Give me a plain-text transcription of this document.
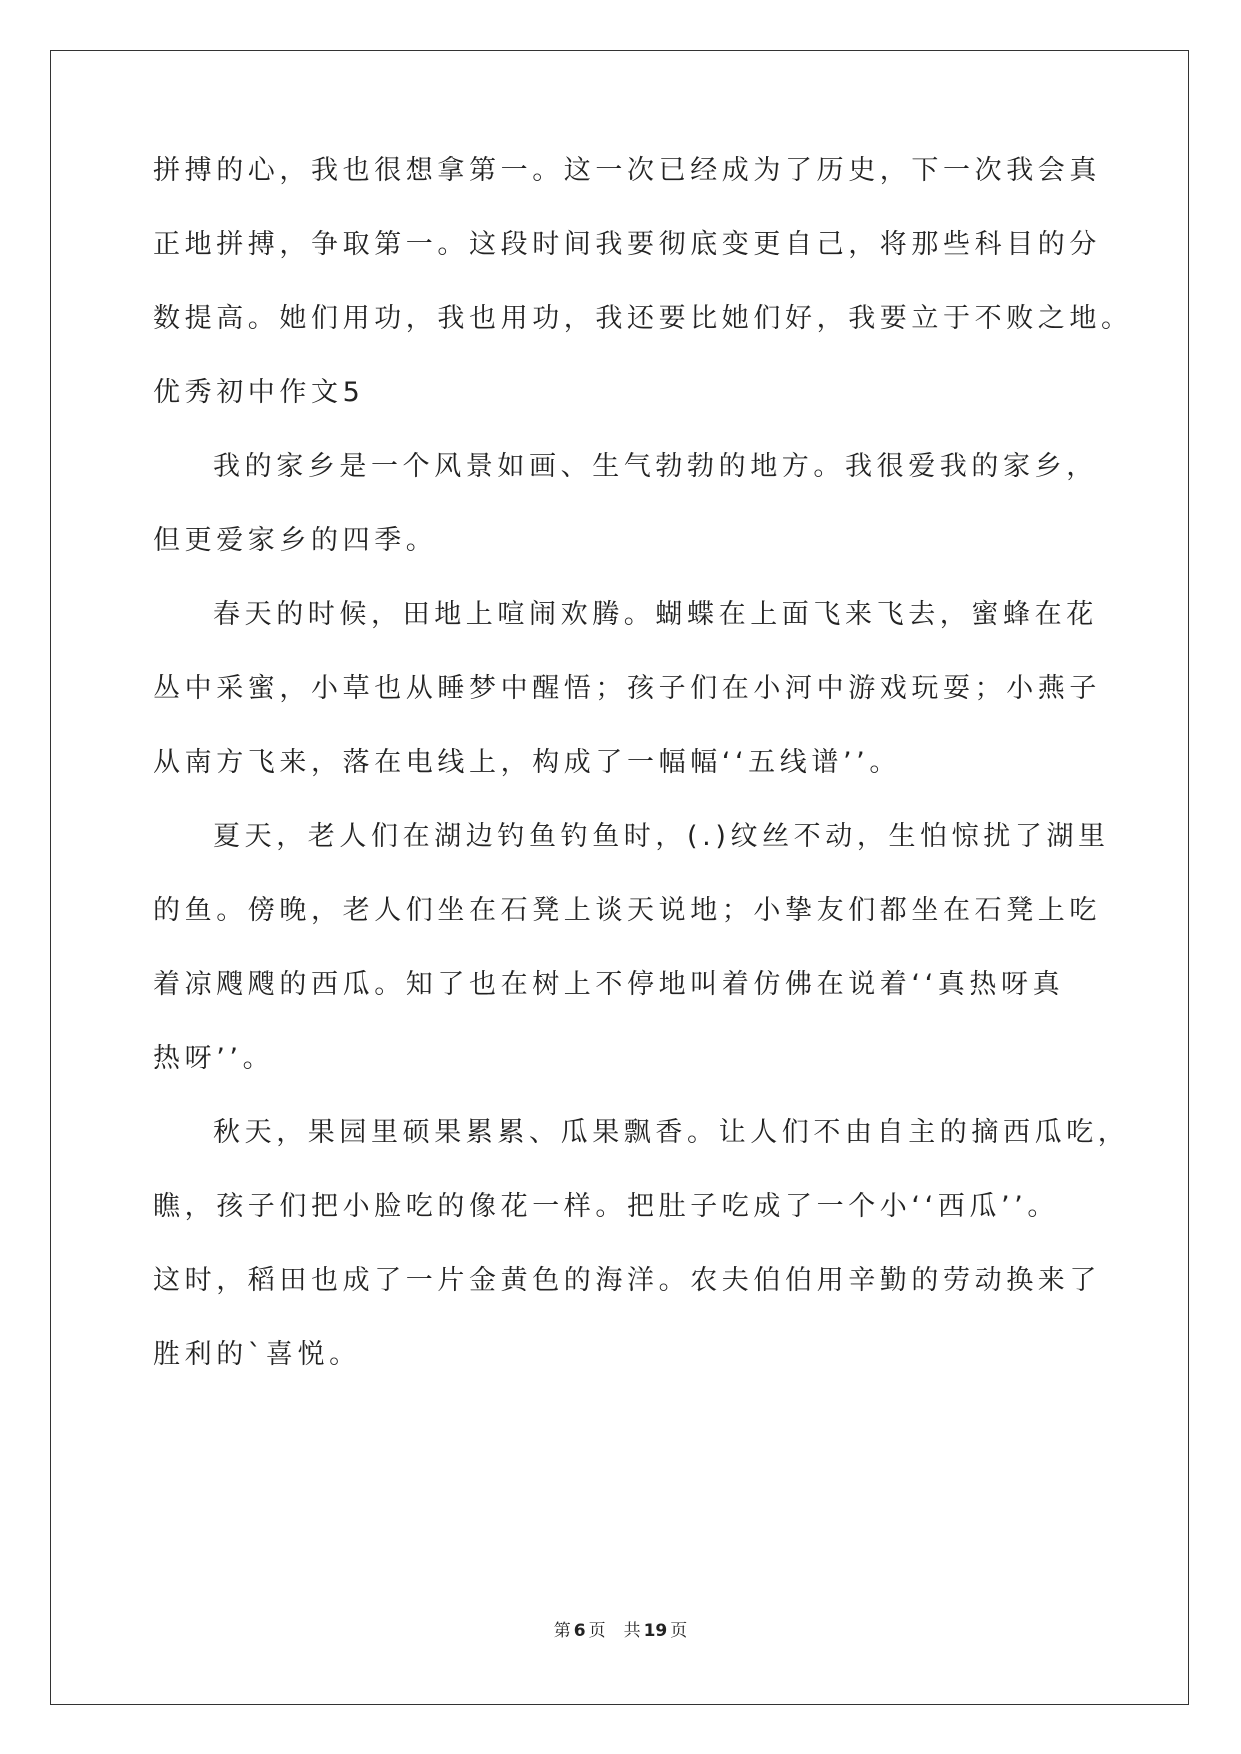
拼搏的心，我也很想拿第一。这一次已经成为了历史，下一次我会真
正地拼搏，争取第一。这段时间我要彻底变更自己，将那些科目的分
数提高。她们用功，我也用功，我还要比她们好，我要立于不败之地。
优秀初中作文5
我的家乡是一个风景如画、生气勃勃的地方。我很爱我的家乡，
但更爱家乡的四季。
春天的时候，田地上喧闹欢腾。蝴蝶在上面飞来飞去，蜜蜂在花
丛中采蜜，小草也从睡梦中醒悟；孩子们在小河中游戏玩耍；小燕子
从南方飞来，落在电线上，构成了一幅幅‘‘五线谱’’。
夏天，老人们在湖边钓鱼钓鱼时，(.)纹丝不动，生怕惊扰了湖里
的鱼。傍晚，老人们坐在石凳上谈天说地；小挚友们都坐在石凳上吃
着凉飕飕的西瓜。知了也在树上不停地叫着仿佛在说着‘‘真热呀真
热呀’’。
秋天，果园里硕果累累、瓜果飘香。让人们不由自主的摘西瓜吃，
瞧，孩子们把小脸吃的像花一样。把肚子吃成了一个小‘‘西瓜’’。
这时，稻田也成了一片金黄色的海洋。农夫伯伯用辛勤的劳动换来了
胜利的`喜悦。
第 6 页 共 19 页
